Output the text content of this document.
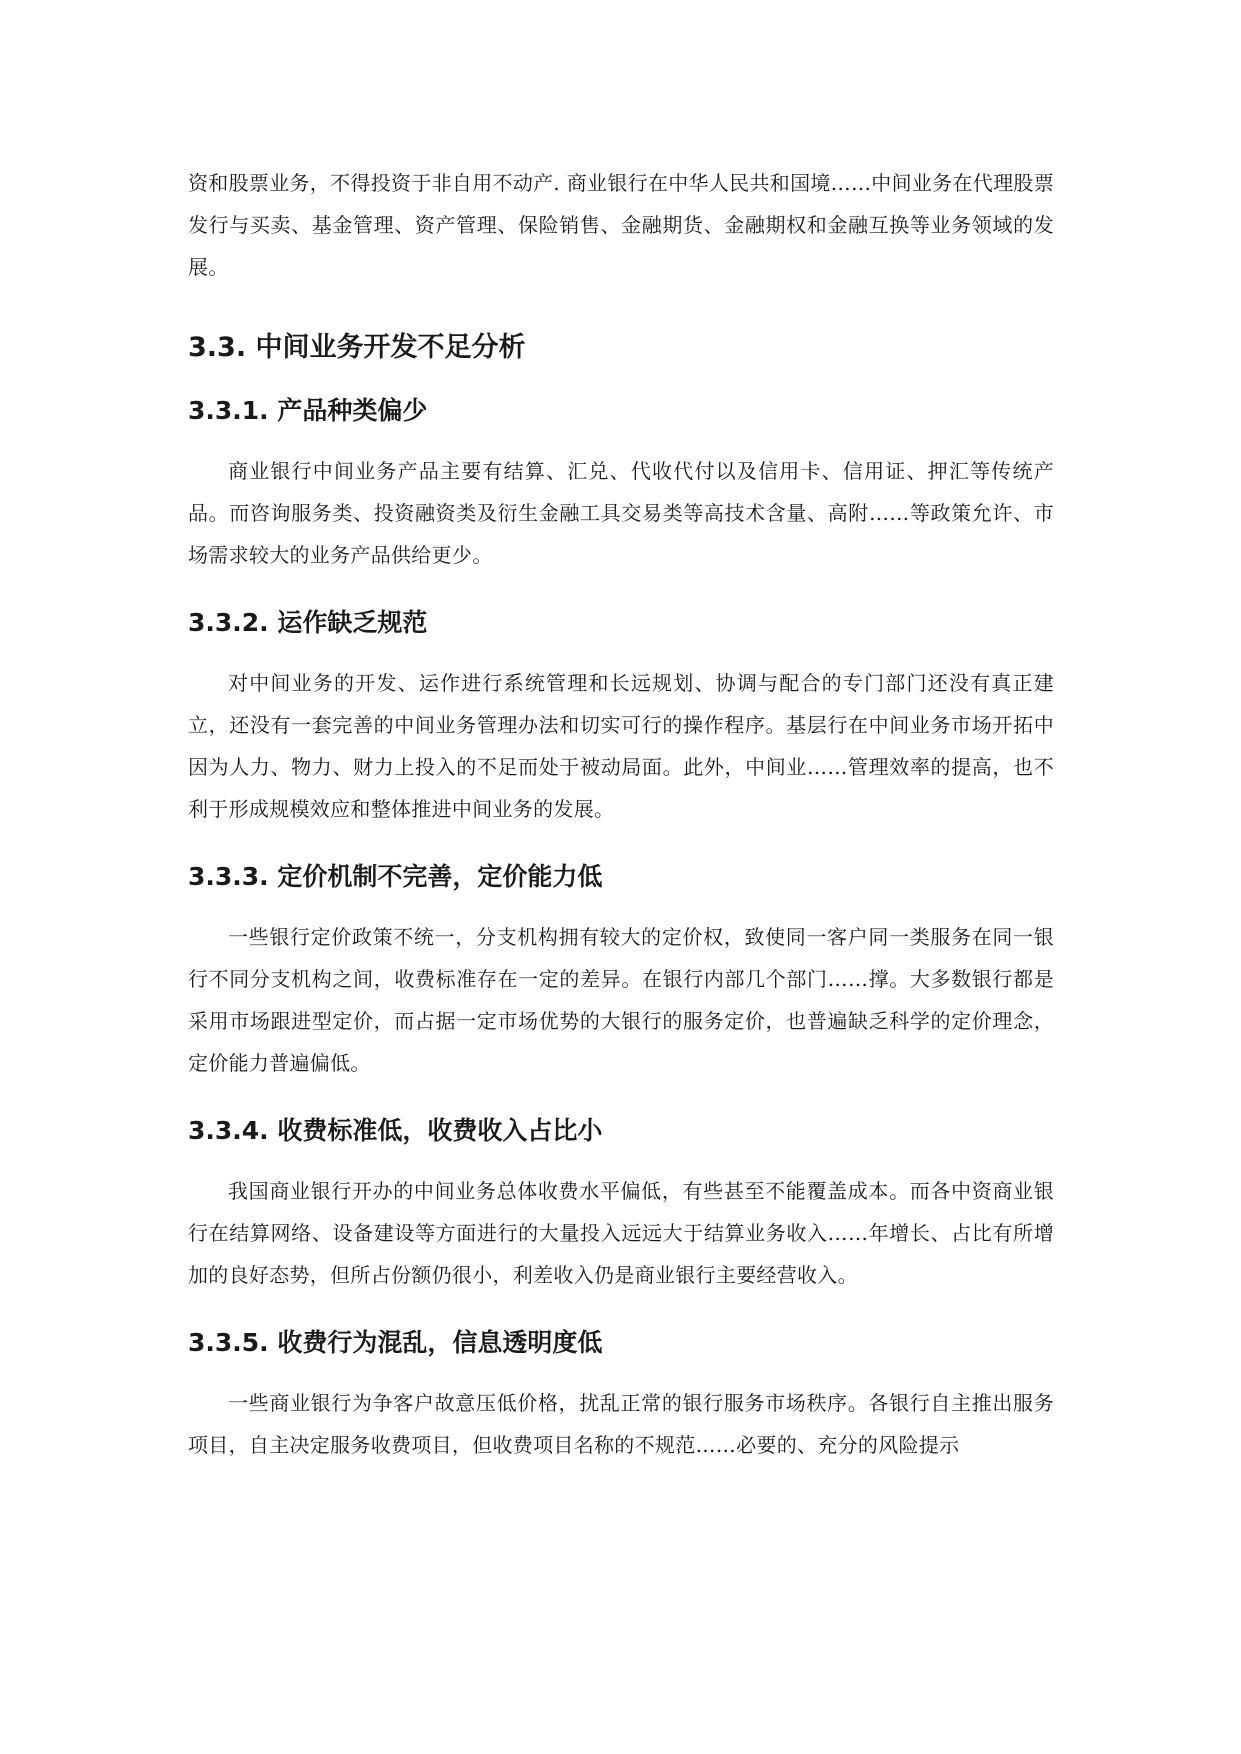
资和股票业务，不得投资于非自用不动产. 商业银行在中华人民共和国境……中间业务在代理股票发行与买卖、基金管理、资产管理、保险销售、金融期货、金融期权和金融互换等业务领域的发展。

3.3. 中间业务开发不足分析
3.3.1. 产品种类偏少

商业银行中间业务产品主要有结算、汇兑、代收代付以及信用卡、信用证、押汇等传统产品。而咨询服务类、投资融资类及衍生金融工具交易类等高技术含量、高附……等政策允许、市场需求较大的业务产品供给更少。

3.3.2. 运作缺乏规范

对中间业务的开发、运作进行系统管理和长远规划、协调与配合的专门部门还没有真正建立，还没有一套完善的中间业务管理办法和切实可行的操作程序。基层行在中间业务市场开拓中因为人力、物力、财力上投入的不足而处于被动局面。此外，中间业……管理效率的提高，也不利于形成规模效应和整体推进中间业务的发展。

3.3.3. 定价机制不完善，定价能力低

一些银行定价政策不统一，分支机构拥有较大的定价权，致使同一客户同一类服务在同一银行不同分支机构之间，收费标准存在一定的差异。在银行内部几个部门……撑。大多数银行都是采用市场跟进型定价，而占据一定市场优势的大银行的服务定价，也普遍缺乏科学的定价理念，定价能力普遍偏低。

3.3.4. 收费标准低，收费收入占比小

我国商业银行开办的中间业务总体收费水平偏低，有些甚至不能覆盖成本。而各中资商业银行在结算网络、设备建设等方面进行的大量投入远远大于结算业务收入……年增长、占比有所增加的良好态势，但所占份额仍很小，利差收入仍是商业银行主要经营收入。

3.3.5. 收费行为混乱，信息透明度低

一些商业银行为争客户故意压低价格，扰乱正常的银行服务市场秩序。各银行自主推出服务项目，自主决定服务收费项目，但收费项目名称的不规范……必要的、充分的风险提示
